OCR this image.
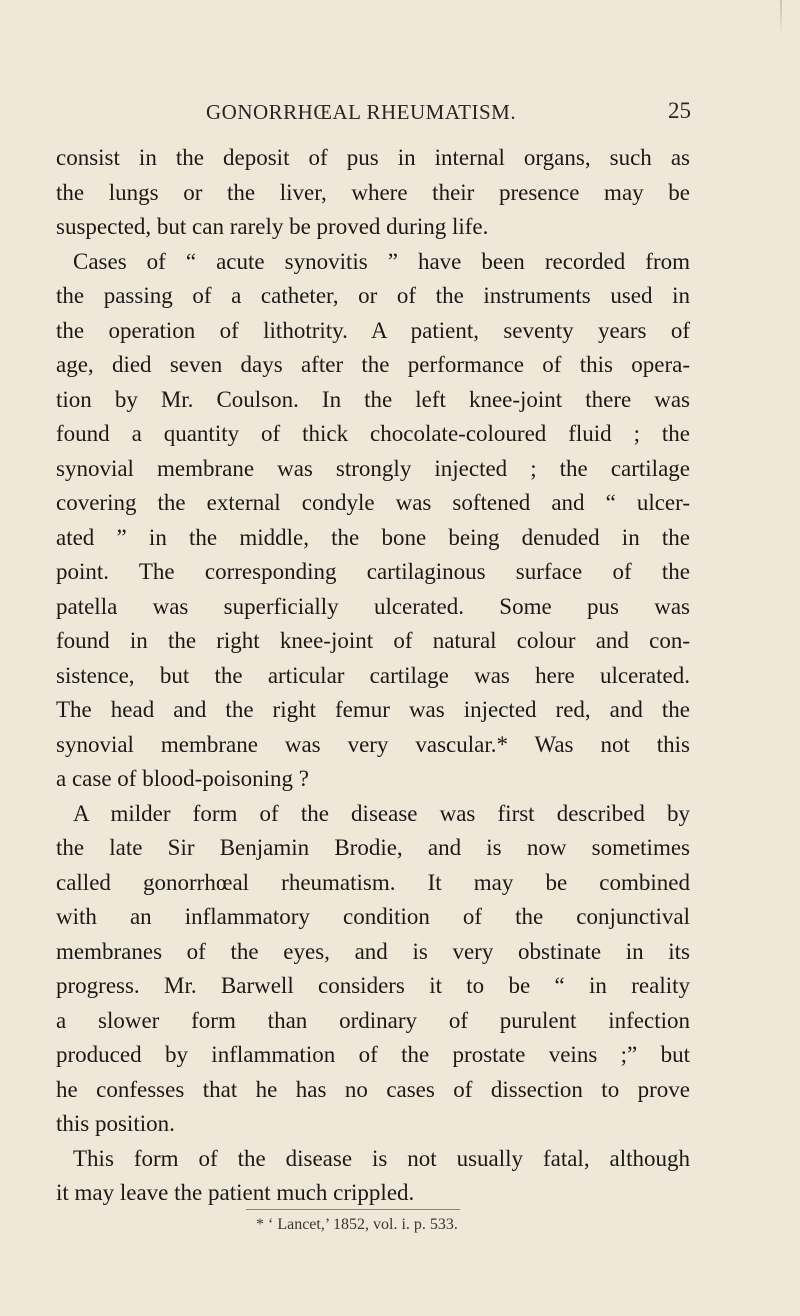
GONORRHŒAL RHEUMATISM.	25
consist in the deposit of pus in internal organs, such as
the lungs or the liver, where their presence may be
suspected, but can rarely be proved during life.
Cases of “ acute synovitis ” have been recorded from
the passing of a catheter, or of the instruments used in
the operation of lithotrity. A patient, seventy years of
age, died seven days after the performance of this opera-
tion by Mr. Coulson. In the left knee-joint there was
found a quantity of thick chocolate-coloured fluid ; the
synovial membrane was strongly injected ; the cartilage
covering the external condyle was softened and “ ulcer-
ated ” in the middle, the bone being denuded in the
point. The corresponding cartilaginous surface of the
patella was superficially ulcerated. Some pus was
found in the right knee-joint of natural colour and con-
sistence, but the articular cartilage was here ulcerated.
The head and the right femur was injected red, and the
synovial membrane was very vascular.* Was not this
a case of blood-poisoning ?
A milder form of the disease was first described by
the late Sir Benjamin Brodie, and is now sometimes
called gonorrhœal rheumatism. It may be combined
with an inflammatory condition of the conjunctival
membranes of the eyes, and is very obstinate in its
progress. Mr. Barwell considers it to be “ in reality
a slower form than ordinary of purulent infection
produced by inflammation of the prostate veins ;” but
he confesses that he has no cases of dissection to prove
this position.
This form of the disease is not usually fatal, although
it may leave the patient much crippled.
* ‘ Lancet,’ 1852, vol. i. p. 533.
